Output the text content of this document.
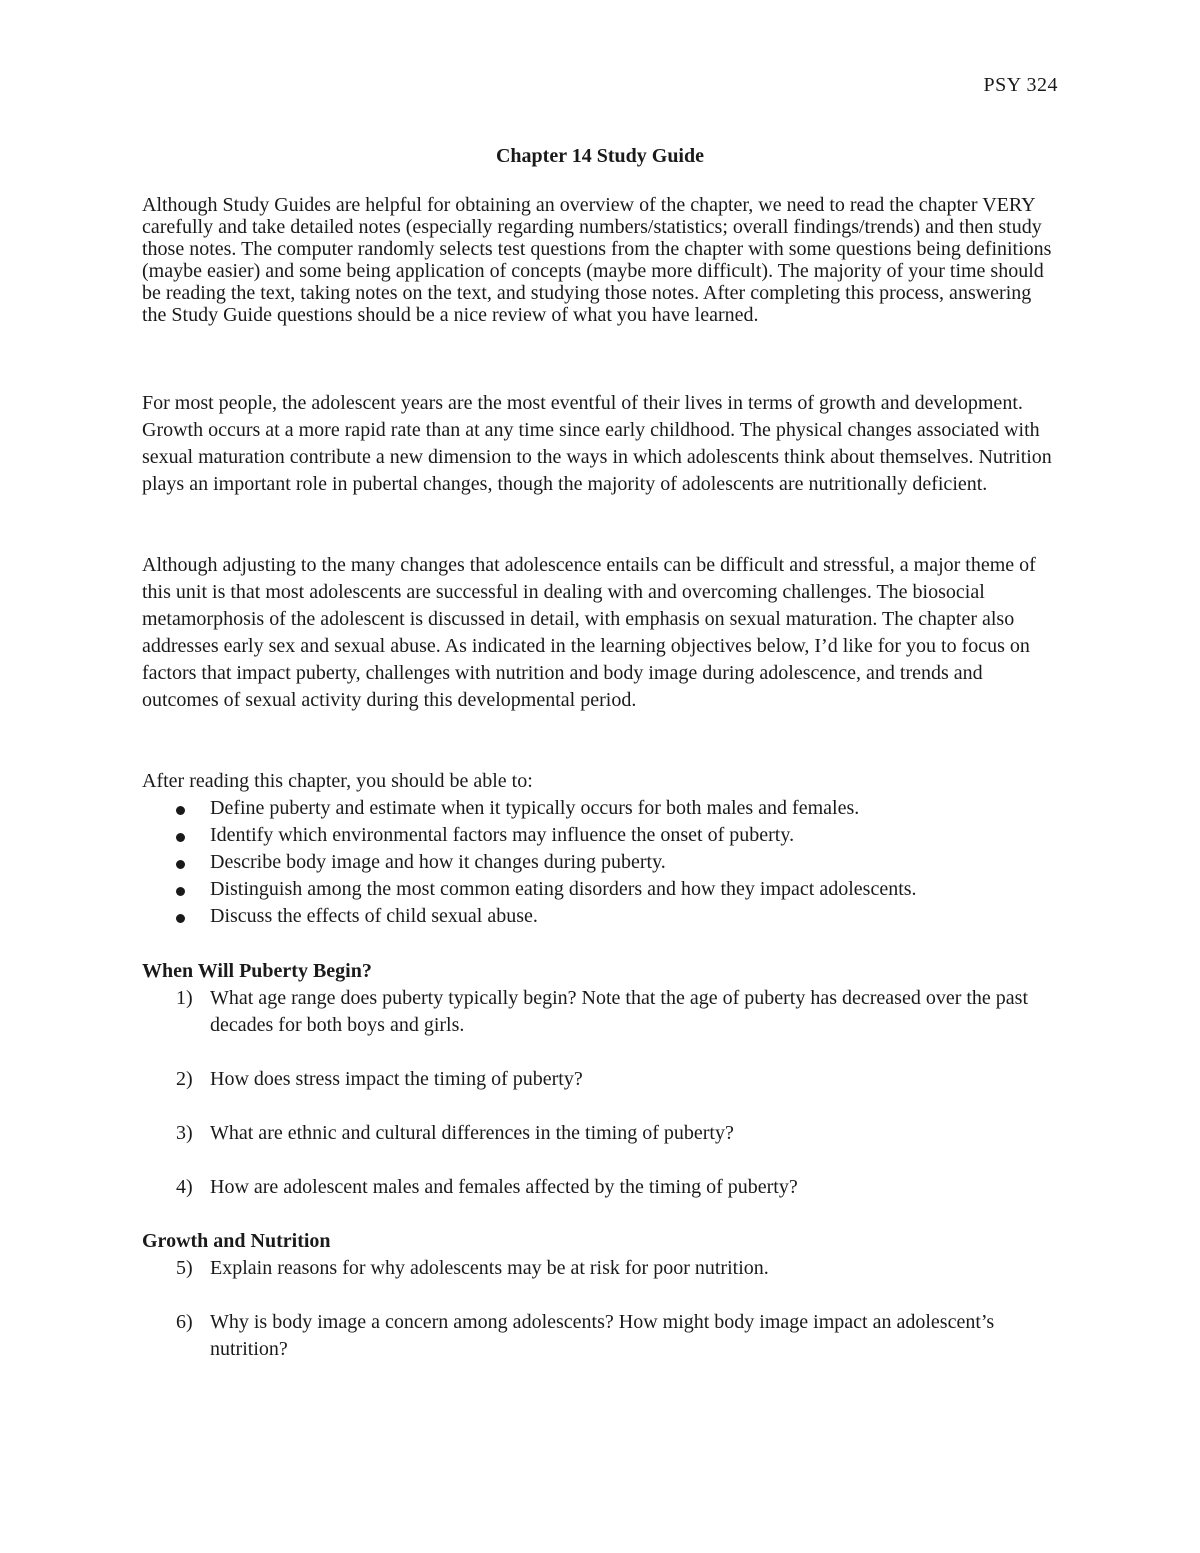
PSY 324
Chapter 14 Study Guide
Although Study Guides are helpful for obtaining an overview of the chapter, we need to read the chapter VERY carefully and take detailed notes (especially regarding numbers/statistics; overall findings/trends) and then study those notes. The computer randomly selects test questions from the chapter with some questions being definitions (maybe easier) and some being application of concepts (maybe more difficult). The majority of your time should be reading the text, taking notes on the text, and studying those notes. After completing this process, answering the Study Guide questions should be a nice review of what you have learned.
For most people, the adolescent years are the most eventful of their lives in terms of growth and development. Growth occurs at a more rapid rate than at any time since early childhood. The physical changes associated with sexual maturation contribute a new dimension to the ways in which adolescents think about themselves. Nutrition plays an important role in pubertal changes, though the majority of adolescents are nutritionally deficient.
Although adjusting to the many changes that adolescence entails can be difficult and stressful, a major theme of this unit is that most adolescents are successful in dealing with and overcoming challenges. The biosocial metamorphosis of the adolescent is discussed in detail, with emphasis on sexual maturation. The chapter also addresses early sex and sexual abuse. As indicated in the learning objectives below, I’d like for you to focus on factors that impact puberty, challenges with nutrition and body image during adolescence, and trends and outcomes of sexual activity during this developmental period.
After reading this chapter, you should be able to:
Define puberty and estimate when it typically occurs for both males and females.
Identify which environmental factors may influence the onset of puberty.
Describe body image and how it changes during puberty.
Distinguish among the most common eating disorders and how they impact adolescents.
Discuss the effects of child sexual abuse.
When Will Puberty Begin?
1) What age range does puberty typically begin? Note that the age of puberty has decreased over the past decades for both boys and girls.
2) How does stress impact the timing of puberty?
3) What are ethnic and cultural differences in the timing of puberty?
4) How are adolescent males and females affected by the timing of puberty?
Growth and Nutrition
5) Explain reasons for why adolescents may be at risk for poor nutrition.
6) Why is body image a concern among adolescents? How might body image impact an adolescent’s nutrition?
